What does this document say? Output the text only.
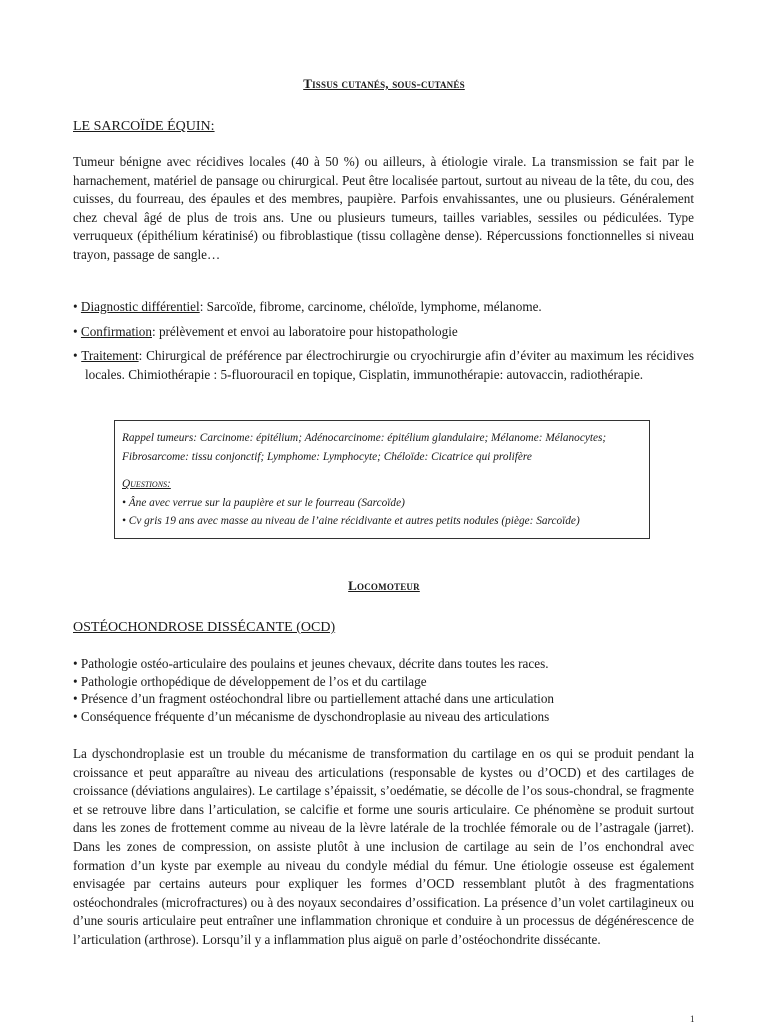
Tissus cutanés, sous-cutanés
LE SARCOÏDE ÉQUIN:

Tumeur bénigne avec récidives locales (40 à 50 %) ou ailleurs, à étiologie virale. La transmission se fait par le harnachement, matériel de pansage ou chirurgical. Peut être localisée partout, surtout au niveau de la tête, du cou, des cuisses, du fourreau, des épaules et des membres, paupière. Parfois envahissantes, une ou plusieurs. Généralement chez cheval âgé de plus de trois ans. Une ou plusieurs tumeurs, tailles variables, sessiles ou pédiculées. Type verruqueux (épithélium kératinisé) ou fibroblastique (tissu collagène dense). Répercussions fonctionnelles si niveau trayon, passage de sangle…

• Diagnostic différentiel: Sarcoïde, fibrome, carcinome, chéloïde, lymphome, mélanome.
• Confirmation: prélèvement et envoi au laboratoire pour histopathologie
• Traitement: Chirurgical de préférence par électrochirurgie ou cryochirurgie afin d’éviter au maximum les récidives locales. Chimiothérapie : 5-fluorouracil en topique, Cisplatin, immunothérapie: autovaccin, radiothérapie.

Rappel tumeurs: Carcinome: épitélium; Adénocarcinome: épitélium glandulaire; Mélanome: Mélanocytes; Fibrosarcome: tissu conjonctif; Lymphome: Lymphocyte; Chéloïde: Cicatrice qui prolifère

Questions:

• Âne avec verrue sur la paupière et sur le fourreau (Sarcoïde)

• Cv gris 19 ans avec masse au niveau de l’aine récidivante et autres petits nodules (piège: Sarcoïde)

Locomoteur
OSTÉOCHONDROSE DISSÉCANTE (OCD)
• Pathologie ostéo-articulaire des poulains et jeunes chevaux, décrite dans toutes les races.
• Pathologie orthopédique de développement de l’os et du cartilage
• Présence d’un fragment ostéochondral libre ou partiellement attaché dans une articulation
• Conséquence fréquente d’un mécanisme de dyschondroplasie au niveau des articulations

La dyschondroplasie est un trouble du mécanisme de transformation du cartilage en os qui se produit pendant la croissance et peut apparaître au niveau des articulations (responsable de kystes ou d’OCD) et des cartilages de croissance (déviations angulaires). Le cartilage s’épaissit, s’oedématie, se décolle de l’os sous-chondral, se fragmente et se retrouve libre dans l’articulation, se calcifie et forme une souris articulaire. Ce phénomène se produit surtout dans les zones de frottement comme au niveau de la lèvre latérale de la trochlée fémorale ou de l’astragale (jarret). Dans les zones de compression, on assiste plutôt à une inclusion de cartilage au sein de l’os enchondral avec formation d’un kyste par exemple au niveau du condyle médial du fémur. Une étiologie osseuse est également envisagée par certains auteurs pour expliquer les formes d’OCD ressemblant plutôt à des fragmentations ostéochondrales (microfractures) ou à des noyaux secondaires d’ossification. La présence d’un volet cartilagineux ou d’une souris articulaire peut entraîner une inflammation chronique et conduire à un processus de dégénérescence de l’articulation (arthrose). Lorsqu’il y a inflammation plus aiguë on parle d’ostéochondrite dissécante.

1
